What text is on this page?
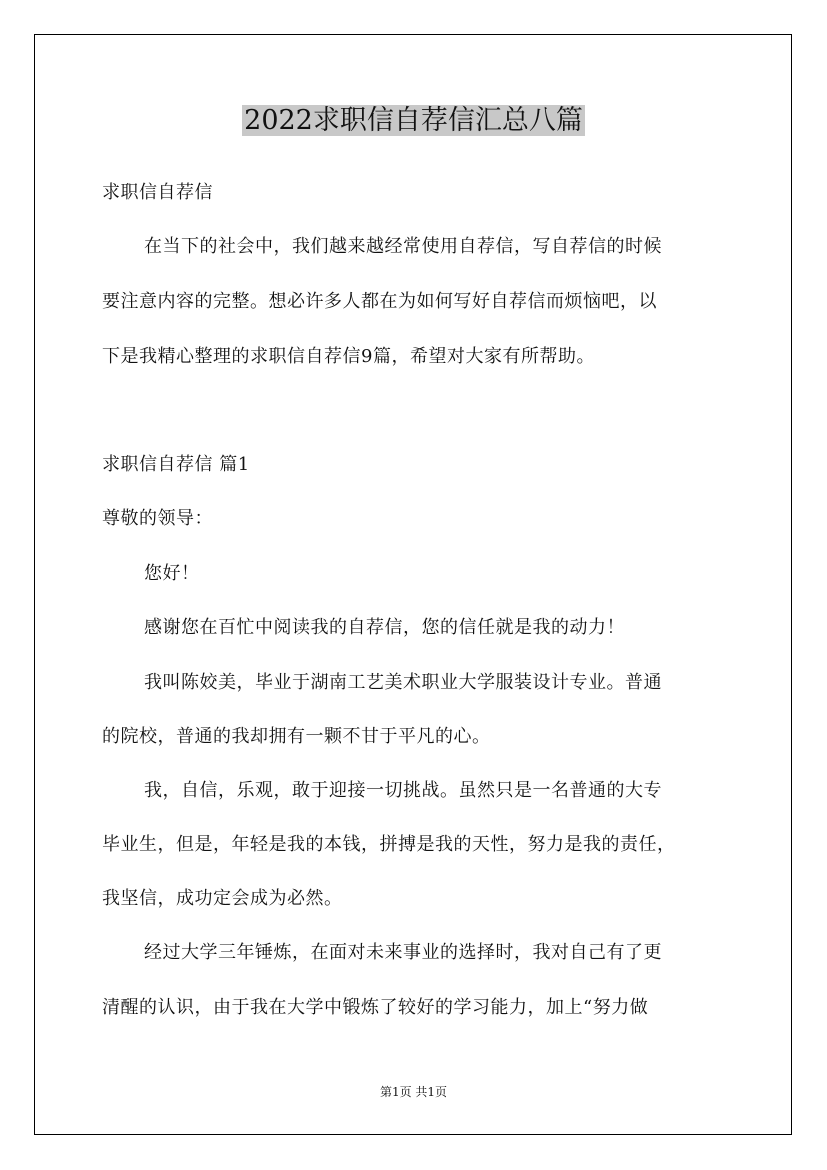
2022求职信自荐信汇总八篇
求职信自荐信
在当下的社会中，我们越来越经常使用自荐信，写自荐信的时候
要注意内容的完整。想必许多人都在为如何写好自荐信而烦恼吧，以
下是我精心整理的求职信自荐信9篇，希望对大家有所帮助。
求职信自荐信 篇1
尊敬的领导：
您好！
感谢您在百忙中阅读我的自荐信，您的信任就是我的动力！
我叫陈姣美，毕业于湖南工艺美术职业大学服装设计专业。普通
的院校，普通的我却拥有一颗不甘于平凡的心。
我，自信，乐观，敢于迎接一切挑战。虽然只是一名普通的大专
毕业生，但是，年轻是我的本钱，拼搏是我的天性，努力是我的责任，
我坚信，成功定会成为必然。
经过大学三年锤炼，在面对未来事业的选择时，我对自己有了更
清醒的认识，由于我在大学中锻炼了较好的学习能力，加上“努力做
第1页 共1页
